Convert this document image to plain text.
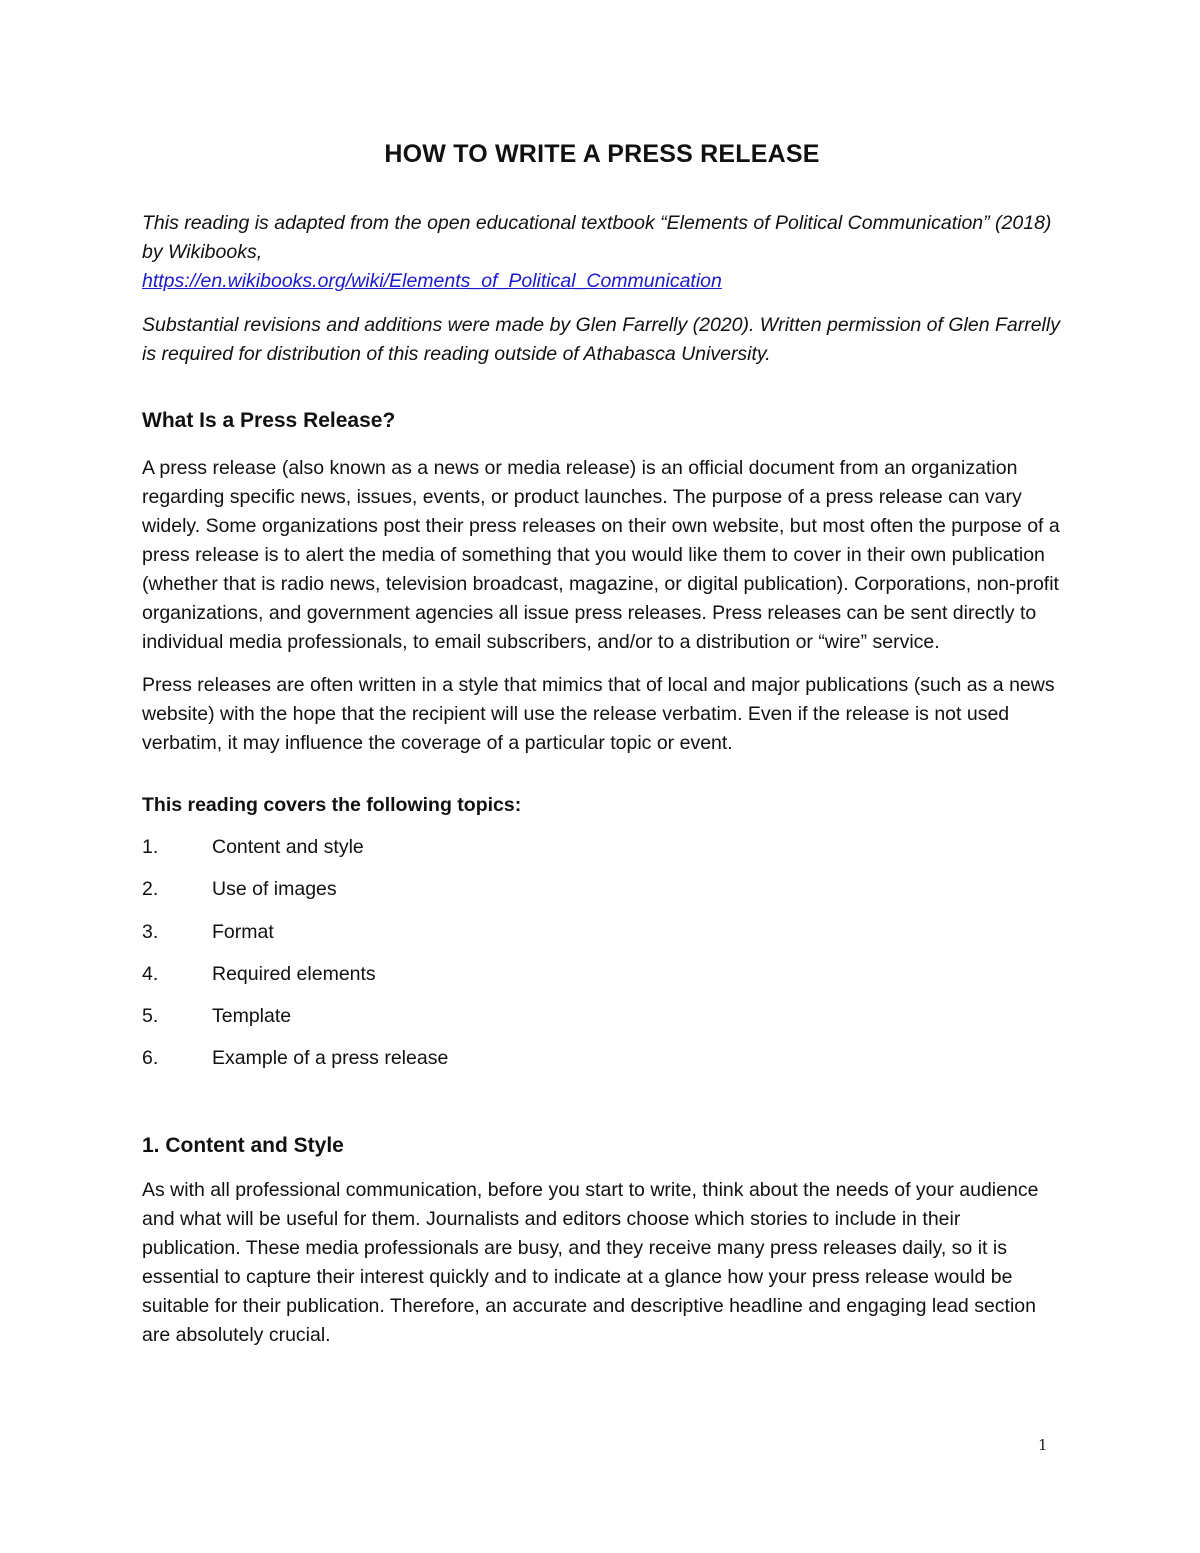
HOW TO WRITE A PRESS RELEASE

This reading is adapted from the open educational textbook “Elements of Political Communication” (2018) by Wikibooks,
https://en.wikibooks.org/wiki/Elements_of_Political_Communication

Substantial revisions and additions were made by Glen Farrelly (2020). Written permission of Glen Farrelly is required for distribution of this reading outside of Athabasca University.

What Is a Press Release?

A press release (also known as a news or media release) is an official document from an organization regarding specific news, issues, events, or product launches. The purpose of a press release can vary widely. Some organizations post their press releases on their own website, but most often the purpose of a press release is to alert the media of something that you would like them to cover in their own publication (whether that is radio news, television broadcast, magazine, or digital publication). Corporations, non-profit organizations, and government agencies all issue press releases. Press releases can be sent directly to individual media professionals, to email subscribers, and/or to a distribution or “wire” service.

Press releases are often written in a style that mimics that of local and major publications (such as a news website) with the hope that the recipient will use the release verbatim. Even if the release is not used verbatim, it may influence the coverage of a particular topic or event.

This reading covers the following topics:
1.	Content and style
2.	Use of images
3.	Format
4.	Required elements
5.	Template
6.	Example of a press release
1. Content and Style

As with all professional communication, before you start to write, think about the needs of your audience and what will be useful for them. Journalists and editors choose which stories to include in their publication. These media professionals are busy, and they receive many press releases daily, so it is essential to capture their interest quickly and to indicate at a glance how your press release would be suitable for their publication. Therefore, an accurate and descriptive headline and engaging lead section are absolutely crucial.

1
